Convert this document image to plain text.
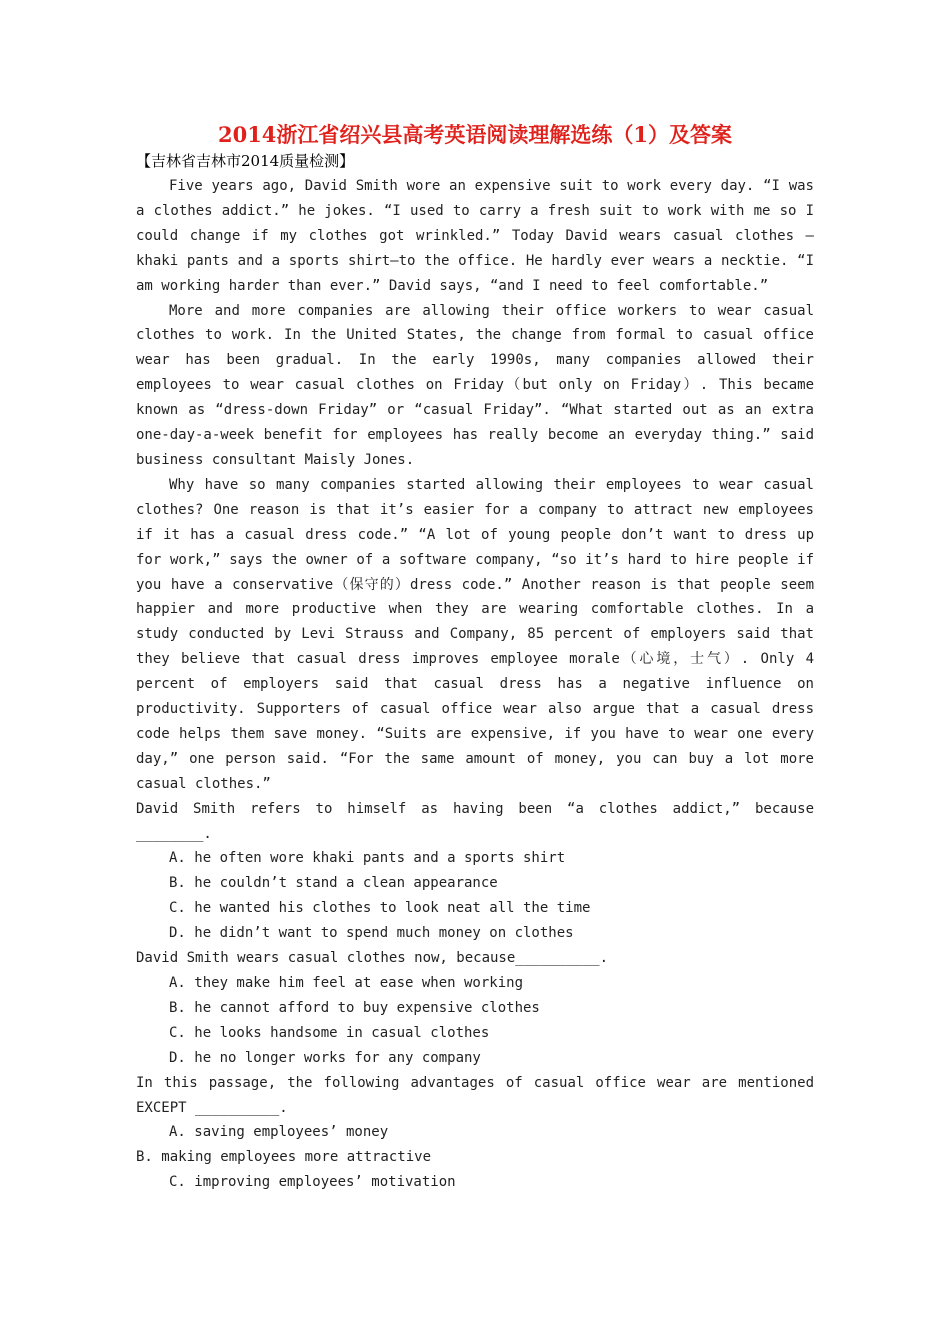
2014浙江省绍兴县高考英语阅读理解选练（1）及答案
【吉林省吉林市2014质量检测】

Five years ago, David Smith wore an expensive suit to work every day. “I was a clothes addict.” he jokes. “I used to carry a fresh suit to work with me so I could change if my clothes got wrinkled.” Today David wears casual clothes —khaki pants and a sports shirt—to the office. He hardly ever wears a necktie. “I am working harder than ever.” David says, “and I need to feel comfortable.”

More and more companies are allowing their office workers to wear casual clothes to work. In the United States, the change from formal to casual office wear has been gradual. In the early 1990s, many companies allowed their employees to wear casual clothes on Friday（but only on Friday）. This became known as “dress-down Friday” or “casual Friday”. “What started out as an extra one-day-a-week benefit for employees has really become an everyday thing.” said business consultant Maisly Jones.

Why have so many companies started allowing their employees to wear casual clothes? One reason is that it’s easier for a company to attract new employees if it has a casual dress code.” “A lot of young people don’t want to dress up for work,” says the owner of a software company, “so it’s hard to hire people if you have a conservative（保守的）dress code.” Another reason is that people seem happier and more productive when they are wearing comfortable clothes. In a study conducted by Levi Strauss and Company, 85 percent of employers said that they believe that casual dress improves employee morale（心境，士气）. Only 4 percent of employers said that casual dress has a negative influence on productivity. Supporters of casual office wear also argue that a casual dress code helps them save money. “Suits are expensive, if you have to wear one every day,” one person said. “For the same amount of money, you can buy a lot more casual clothes.”

David Smith refers to himself as having been “a clothes addict,” because ________.

A. he often wore khaki pants and a sports shirt

B. he couldn’t stand a clean appearance

C. he wanted his clothes to look neat all the time

D. he didn’t want to spend much money on clothes

David Smith wears casual clothes now, because__________.

A. they make him feel at ease when working

B. he cannot afford to buy expensive clothes

C. he looks handsome in casual clothes

D. he no longer works for any company

In this passage, the following advantages of casual office wear are mentioned EXCEPT __________.

A. saving employees’ money

B. making employees more attractive

C. improving employees’ motivation
